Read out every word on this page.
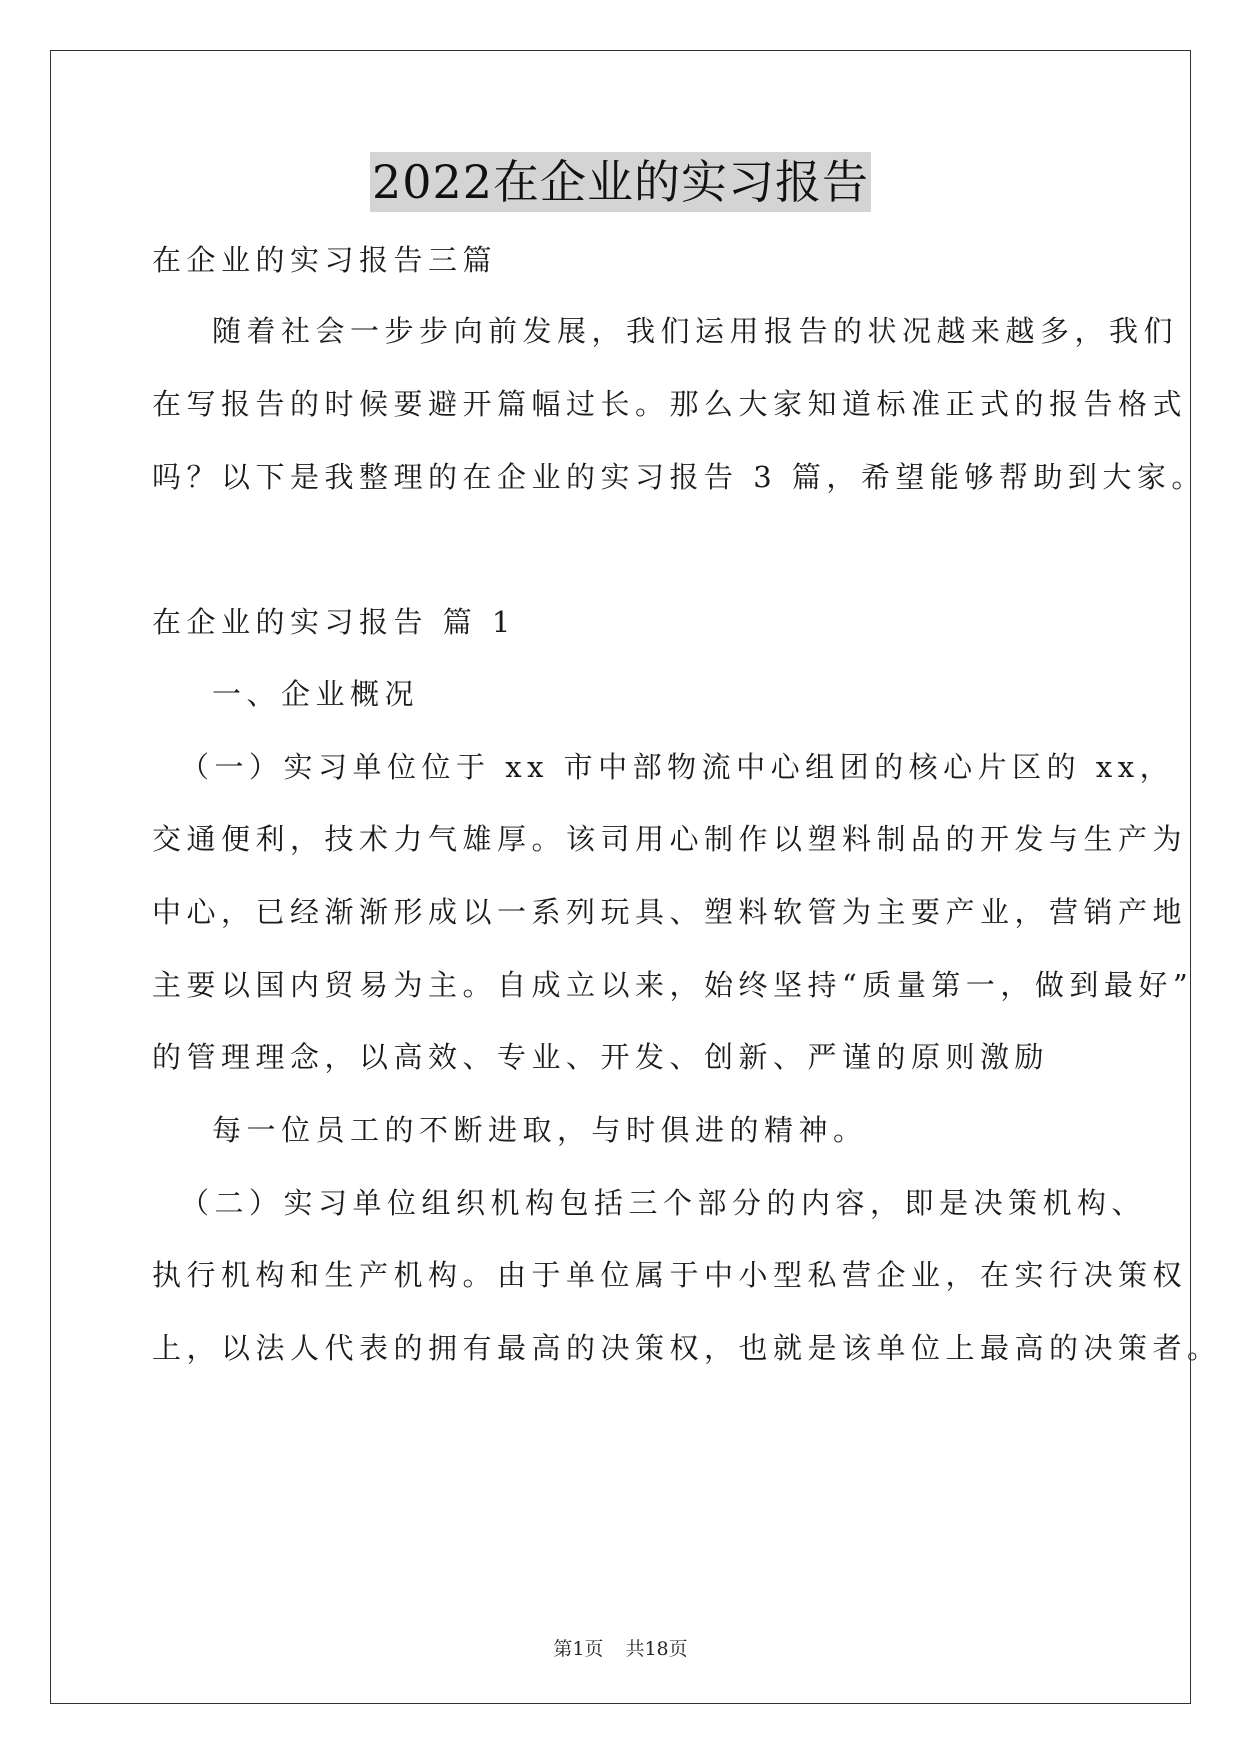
2022在企业的实习报告
在企业的实习报告三篇
随着社会一步步向前发展，我们运用报告的状况越来越多，我们
在写报告的时候要避开篇幅过长。那么大家知道标准正式的报告格式
吗？以下是我整理的在企业的实习报告 3 篇，希望能够帮助到大家。
在企业的实习报告 篇 1
一、企业概况
（一）实习单位位于 xx 市中部物流中心组团的核心片区的 xx，
交通便利，技术力气雄厚。该司用心制作以塑料制品的开发与生产为
中心，已经渐渐形成以一系列玩具、塑料软管为主要产业，营销产地
主要以国内贸易为主。自成立以来，始终坚持“质量第一，做到最好”
的管理理念，以高效、专业、开发、创新、严谨的原则激励
每一位员工的不断进取，与时俱进的精神。
（二）实习单位组织机构包括三个部分的内容，即是决策机构、
执行机构和生产机构。由于单位属于中小型私营企业，在实行决策权
上，以法人代表的拥有最高的决策权，也就是该单位上最高的决策者。
第1页 共18页
